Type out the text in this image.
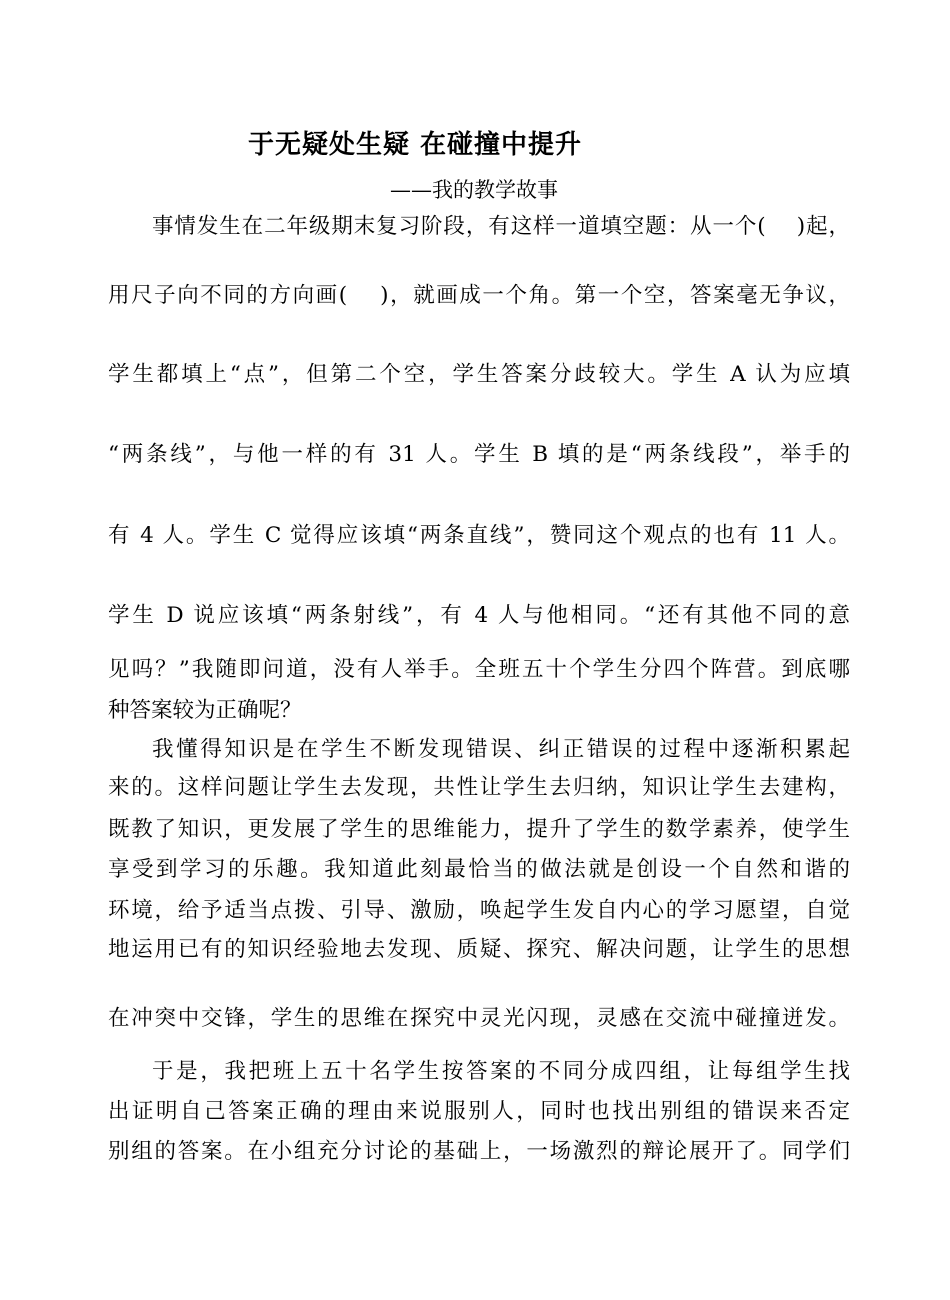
于无疑处生疑 在碰撞中提升
——我的教学故事
事情发生在二年级期末复习阶段，有这样一道填空题：从一个(　 )起，
用尺子向不同的方向画(　 )，就画成一个角。第一个空，答案毫无争议，
学生都填上“点”，但第二个空，学生答案分歧较大。学生 A 认为应填
“两条线”，与他一样的有 31 人。学生 B 填的是“两条线段”，举手的
有 4 人。学生 C 觉得应该填“两条直线”，赞同这个观点的也有 11 人。
学生 D 说应该填“两条射线”，有 4 人与他相同。“还有其他不同的意
见吗？”我随即问道，没有人举手。全班五十个学生分四个阵营。到底哪
种答案较为正确呢？
我懂得知识是在学生不断发现错误、纠正错误的过程中逐渐积累起
来的。这样问题让学生去发现，共性让学生去归纳，知识让学生去建构，
既教了知识，更发展了学生的思维能力，提升了学生的数学素养，使学生
享受到学习的乐趣。我知道此刻最恰当的做法就是创设一个自然和谐的
环境，给予适当点拨、引导、激励，唤起学生发自内心的学习愿望，自觉
地运用已有的知识经验地去发现、质疑、探究、解决问题，让学生的思想
在冲突中交锋，学生的思维在探究中灵光闪现，灵感在交流中碰撞迸发。
于是，我把班上五十名学生按答案的不同分成四组，让每组学生找
出证明自己答案正确的理由来说服别人，同时也找出别组的错误来否定
别组的答案。在小组充分讨论的基础上，一场激烈的辩论展开了。同学们
